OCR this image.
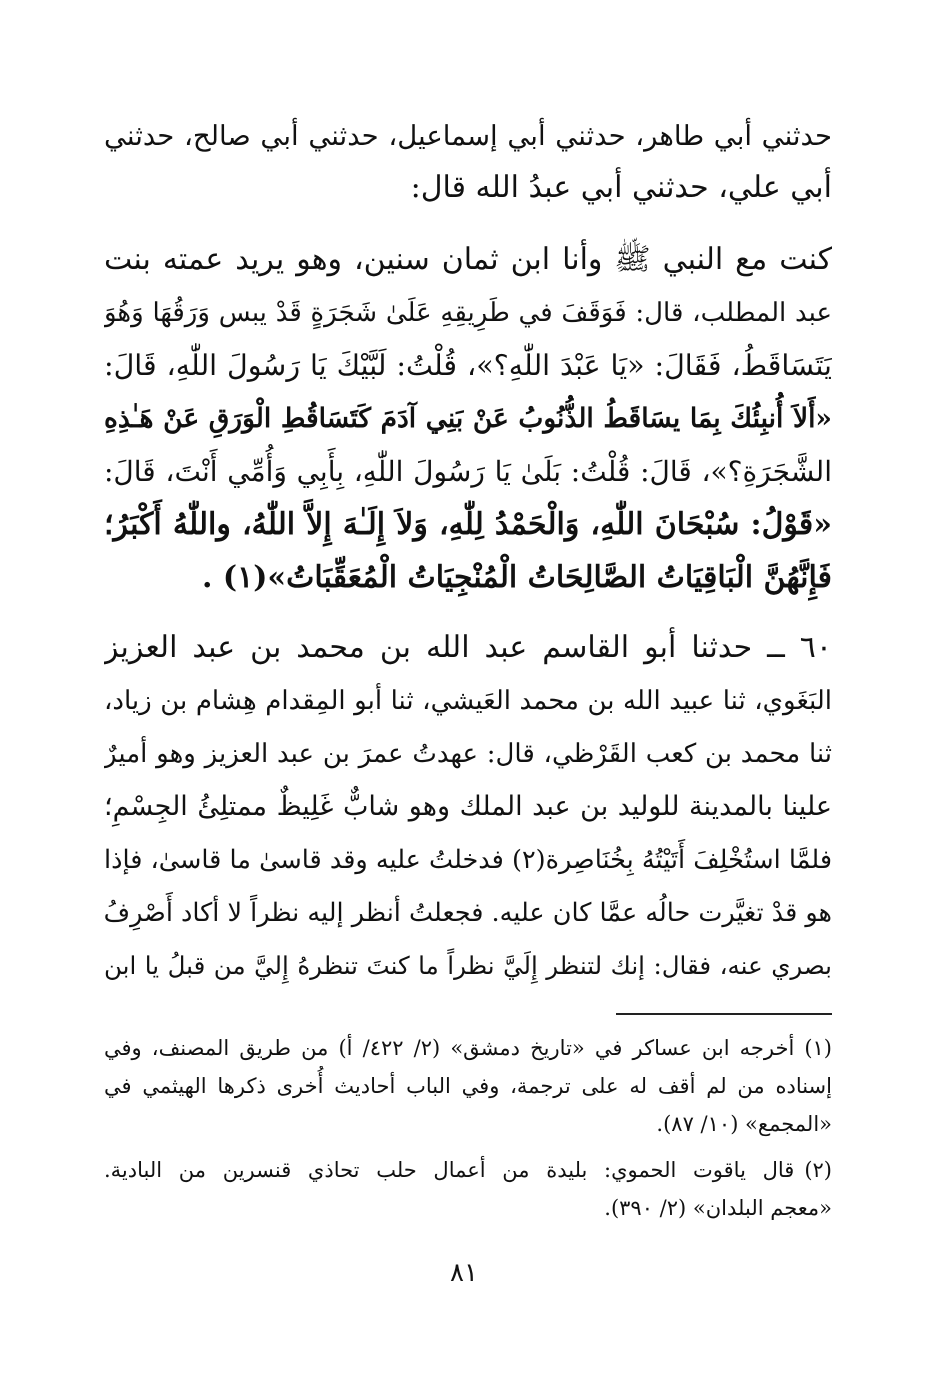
حدثني أبي طاهر، حدثني أبي إسماعيل، حدثني أبي صالح، حدثني
أبي علي، حدثني أبي عبدُ الله قال:
كنت مع النبي ﷺ وأنا ابن ثمان سنين، وهو يريد عمته بنت
عبد المطلب، قال: فَوَقَفَ في طَرِيقِهِ عَلَىٰ شَجَرَةٍ قَدْ يبس وَرَقُهَا وَهُوَ
يَتَسَاقَطُ، فَقَالَ: «يَا عَبْدَ اللّٰهِ؟»، قُلْتُ: لَبَّيْكَ يَا رَسُولَ اللّٰهِ، قَالَ:
«أَلاَ أُنبِئُكَ بِمَا يسَاقَطُ الذُّنُوبُ عَنْ بَنِي آدَمَ كَتَسَاقُطِ الْوَرَقِ عَنْ هَـٰذِهِ
الشَّجَرَةِ؟»، قَالَ: قُلْتُ: بَلَىٰ يَا رَسُولَ اللّٰهِ، بِأَبِي وَأُمِّي أَنْتَ، قَالَ:
«قَوْلُ: سُبْحَانَ اللّٰهِ، وَالْحَمْدُ لِلّٰهِ، وَلاَ إِلَـٰهَ إِلاَّ اللّٰهُ، واللّٰهُ أَكْبَرُ؛
فَإِنَّهُنَّ الْبَاقِيَاتُ الصَّالِحَاتُ الْمُنْجِيَاتُ الْمُعَقِّبَاتُ»(١) .
٦٠ ــ حدثنا أبو القاسم عبد الله بن محمد بن عبد العزيز
البَغَوي، ثنا عبيد الله بن محمد العَيشي، ثنا أبو المِقدام هِشام بن زياد،
ثنا محمد بن كعب القَرْظي، قال: عهدتُ عمرَ بن عبد العزيز وهو أميرٌ
علينا بالمدينة للوليد بن عبد الملك وهو شابٌّ غَلِيظٌ ممتلِئُ الجِسْمِ؛
فلمَّا استُخْلِفَ أَتَيْتُهُ بِخُنَاصِرة(٢) فدخلتُ عليه وقد قاسىٰ ما قاسىٰ، فإذا
هو قدْ تغيَّرت حالُه عمَّا كان عليه. فجعلتُ أنظر إليه نظراً لا أكاد أَصْرِفُ
بصري عنه، فقال: إنك لتنظر إِلَيَّ نظراً ما كنتَ تنظرهُ إِليَّ من قبلُ يا ابن
(١)أخرجه ابن عساكر في «تاريخ دمشق» (٢/ ٤٢٢/ أ) من طريق المصنف، وفي
إسناده من لم أقف له على ترجمة، وفي الباب أحاديث أُخرى ذكرها الهيثمي في
«المجمع» (١٠/ ٨٧).
(٢)قال ياقوت الحموي: بليدة من أعمال حلب تحاذي قنسرين من البادية.
«معجم البلدان» (٢/ ٣٩٠).
٨١
